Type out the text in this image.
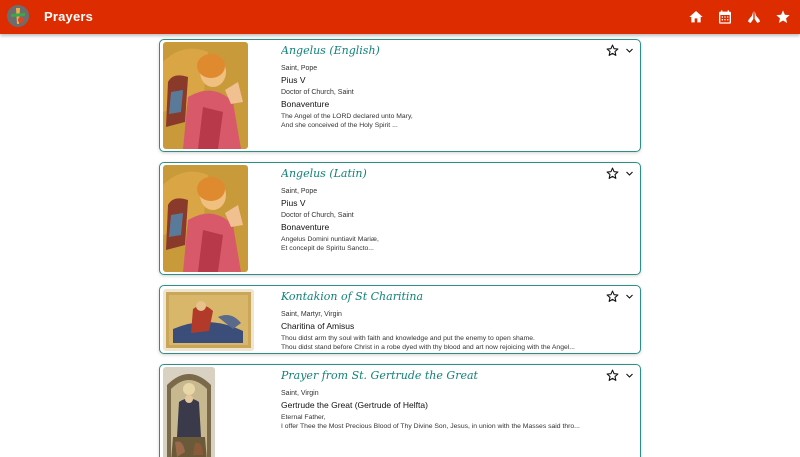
Prayers
Angelus (English)
Saint, Pope
Pius V
Doctor of Church, Saint
Bonaventure
The Angel of the LORD declared unto Mary,
And she conceived of the Holy Spirit ...
Angelus (Latin)
Saint, Pope
Pius V
Doctor of Church, Saint
Bonaventure
Angelus Domini nuntiavit Mariæ,
Et concepit de Spiritu Sancto...
Kontakion of St Charitina
Saint, Martyr, Virgin
Charitina of Amisus
Thou didst arm thy soul with faith and knowledge and put the enemy to open shame.
Thou didst stand before Christ in a robe dyed with thy blood and art now rejoicing with the Angel...
Prayer from St. Gertrude the Great
Saint, Virgin
Gertrude the Great (Gertrude of Helfta)
Eternal Father,
I offer Thee the Most Precious Blood of Thy Divine Son, Jesus, in union with the Masses said thro...
